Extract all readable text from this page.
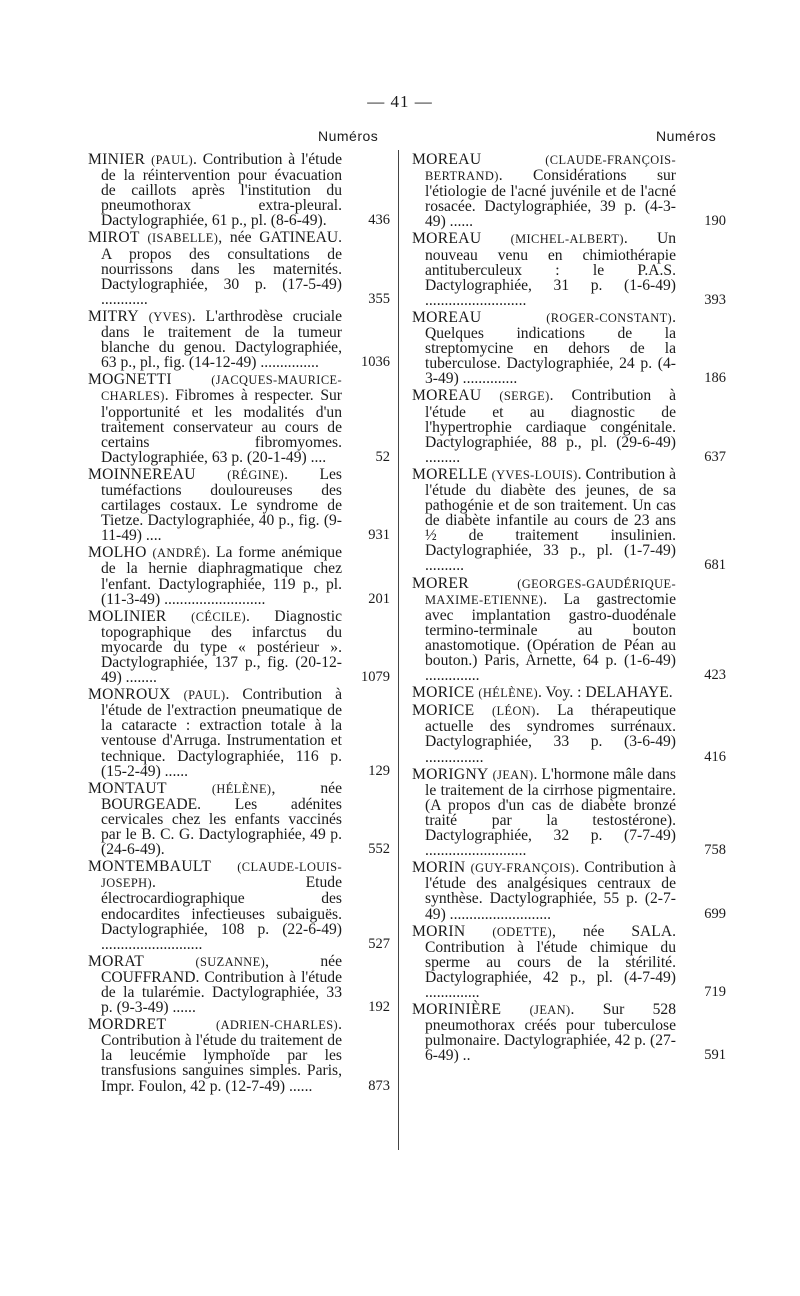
— 41 —
Numéros	Numéros
MINIER (PAUL). Contribution à l'étude de la réintervention pour évacuation de caillots après l'institution du pneumothorax extra-pleural. Dactylographiée, 61 p., pl. (8-6-49).	436
MIROT (ISABELLE), née GATINEAU. A propos des consultations de nourrissons dans les maternités. Dactylographiée, 30 p. (17-5-49) ............	355
MITRY (YVES). L'arthrodèse cruciale dans le traitement de la tumeur blanche du genou. Dactylographiée, 63 p., pl., fig. (14-12-49) ...............	1036
MOGNETTI	(JACQUES-MAURICE-CHARLES). Fibromes à respecter. Sur l'opportunité et les modalités d'un traitement conservateur au cours de certains fibromyomes. Dactylographiée, 63 p. (20-1-49) ....	52
MOINNEREAU	(RÉGINE). Les tuméfactions douloureuses des cartilages costaux. Le syndrome de Tietze. Dactylographiée, 40 p., fig. (9-11-49) ....	931
MOLHO (ANDRÉ). La forme anémique de la hernie diaphragmatique chez l'enfant. Dactylographiée, 119 p., pl. (11-3-49) ..........................	201
MOLINIER (CÉCILE). Diagnostic topographique des infarctus du myocarde du type « postérieur ». Dactylographiée, 137 p., fig. (20-12-49) ........	1079
MONROUX (PAUL). Contribution à l'étude de l'extraction pneumatique de la cataracte : extraction totale à la ventouse d'Arruga. Instrumentation et technique. Dactylographiée, 116 p. (15-2-49) ......	129
MONTAUT	(HÉLÈNE), née BOURGEADE. Les adénites cervicales chez les enfants vaccinés par le B. C. G. Dactylographiée, 49 p. (24-6-49).	552
MONTEMBAULT (CLAUDE-LOUIS-JOSEPH). Etude électrocardiographique des endocardites infectieuses subaiguës. Dactylographiée, 108 p. (22-6-49) ..........................	527
MORAT	(SUZANNE), née COUFFRAND. Contribution à l'étude de la tularémie. Dactylographiée, 33 p. (9-3-49) ......	192
MORDRET	(ADRIEN-CHARLES). Contribution à l'étude du traitement de la leucémie lymphoïde par les transfusions sanguines simples. Paris, Impr. Foulon, 42 p. (12-7-49) ......	873
MOREAU	(CLAUDE-FRANÇOIS-BERTRAND). Considérations sur l'étiologie de l'acné juvénile et de l'acné rosacée. Dactylographiée, 39 p. (4-3-49) ......	190
MOREAU (MICHEL-ALBERT). Un nouveau venu en chimiothérapie antituberculeux : le P.A.S. Dactylographiée, 31 p. (1-6-49) ..........................	393
MOREAU	(ROGER-CONSTANT). Quelques indications de la streptomycine en dehors de la tuberculose. Dactylographiée, 24 p. (4-3-49) ..............	186
MOREAU (SERGE). Contribution à l'étude et au diagnostic de l'hypertrophie cardiaque congénitale. Dactylographiée, 88 p., pl. (29-6-49) .........	637
MORELLE (YVES-LOUIS). Contribution à l'étude du diabète des jeunes, de sa pathogénie et de son traitement. Un cas de diabète infantile au cours de 23 ans ½ de traitement insulinien. Dactylographiée, 33 p., pl. (1-7-49) ..........	681
MORER	(GEORGES-GAUDÉRIQUE-MAXIME-ETIENNE). La gastrectomie avec implantation gastro-duodénale termino-terminale au bouton anastomotique. (Opération de Péan au bouton.) Paris, Arnette, 64 p. (1-6-49) ..............	423
MORICE (HÉLÈNE). Voy. : DELAHAYE.
MORICE (LÉON). La thérapeutique actuelle des syndromes surrénaux. Dactylographiée, 33 p. (3-6-49) ...............	416
MORIGNY (JEAN). L'hormone mâle dans le traitement de la cirrhose pigmentaire. (A propos d'un cas de diabète bronzé traité par la testostérone). Dactylographiée, 32 p. (7-7-49) ..........................	758
MORIN (GUY-FRANÇOIS). Contribution à l'étude des analgésiques centraux de synthèse. Dactylographiée, 55 p. (2-7-49) ..........................	699
MORIN (ODETTE), née SALA. Contribution à l'étude chimique du sperme au cours de la stérilité. Dactylographiée, 42 p., pl. (4-7-49) ..............	719
MORINIÈRE (JEAN). Sur 528 pneumothorax créés pour tuberculose pulmonaire. Dactylographiée, 42 p. (27-6-49) ..	591
